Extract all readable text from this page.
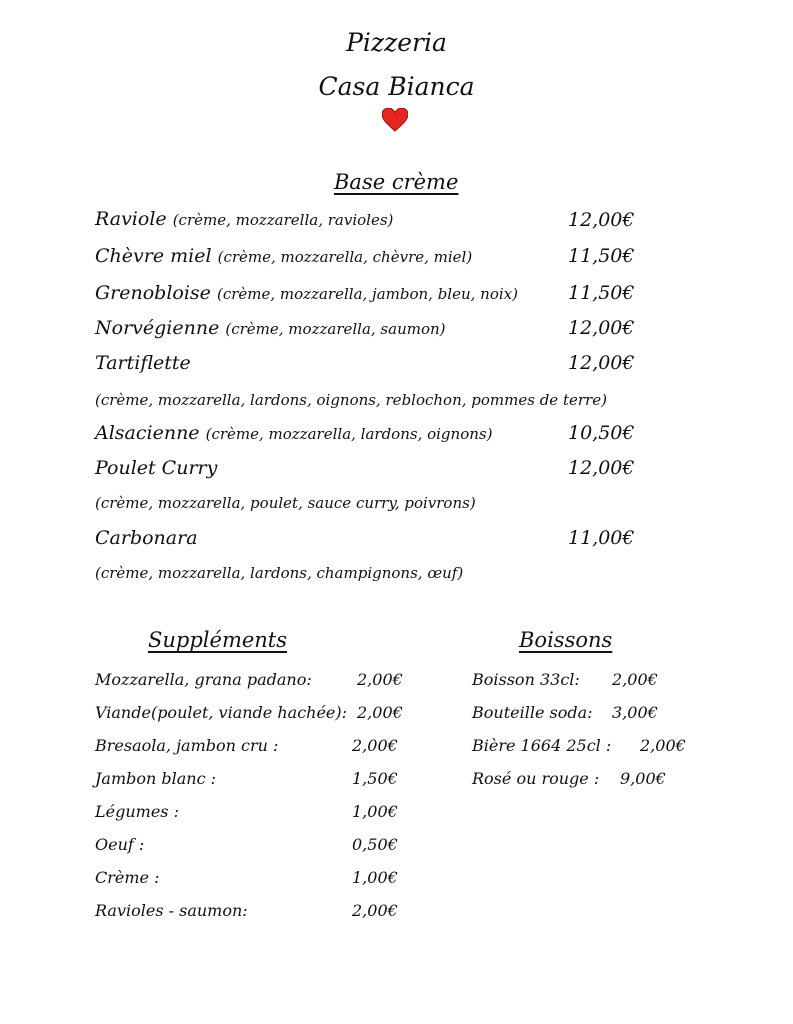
Pizzeria
Casa Bianca
Base crème
Raviole (crème, mozzarella, ravioles)	12,00€
Chèvre miel (crème, mozzarella, chèvre, miel)	11,50€
Grenobloise (crème, mozzarella, jambon, bleu, noix)	11,50€
Norvégienne (crème, mozzarella, saumon)	12,00€
Tartiflette	12,00€
(crème, mozzarella, lardons, oignons, reblochon, pommes de terre)
Alsacienne (crème, mozzarella, lardons, oignons)	10,50€
Poulet Curry	12,00€
(crème, mozzarella, poulet, sauce curry, poivrons)
Carbonara	11,00€
(crème, mozzarella, lardons, champignons, œuf)
Suppléments
Mozzarella, grana padano:	2,00€
Viande(poulet, viande hachée): 2,00€
Bresaola, jambon cru :	2,00€
Jambon blanc :	1,50€
Légumes :	1,00€
Oeuf :	0,50€
Crème :	1,00€
Ravioles - saumon:	2,00€
Boissons
Boisson 33cl: 2,00€
Bouteille soda: 3,00€
Bière 1664 25cl : 2,00€
Rosé ou rouge : 9,00€
